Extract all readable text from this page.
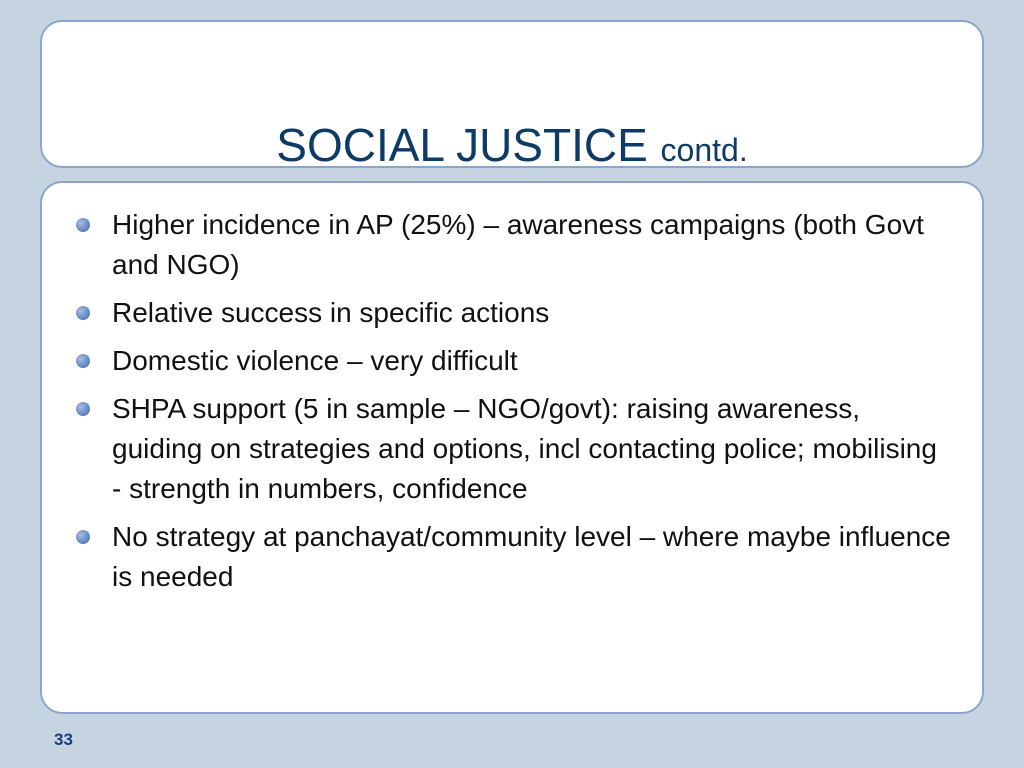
SOCIAL JUSTICE contd.
Higher incidence in AP (25%) – awareness campaigns (both Govt and NGO)
Relative success in specific actions
Domestic violence – very difficult
SHPA support (5 in sample – NGO/govt): raising awareness, guiding on strategies and options, incl contacting police; mobilising - strength in numbers, confidence
No strategy at panchayat/community level – where maybe influence is needed
33
